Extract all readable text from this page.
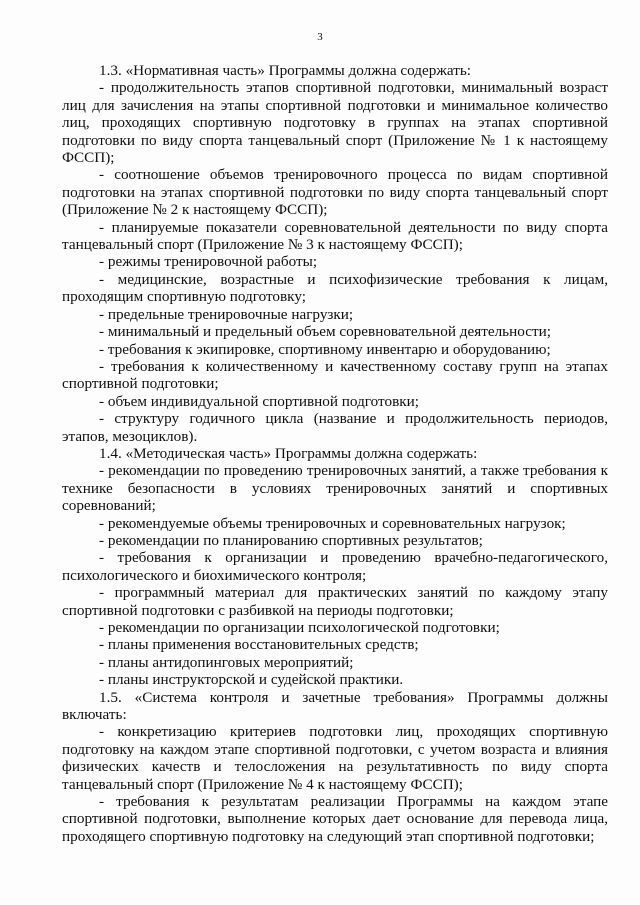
3

1.3. «Нормативная часть» Программы должна содержать:

- продолжительность этапов спортивной подготовки, минимальный возраст лиц для зачисления на этапы спортивной подготовки и минимальное количество лиц, проходящих спортивную подготовку в группах на этапах спортивной подготовки по виду спорта танцевальный спорт (Приложение № 1 к настоящему ФССП);

- соотношение объемов тренировочного процесса по видам спортивной подготовки на этапах спортивной подготовки по виду спорта танцевальный спорт (Приложение № 2 к настоящему ФССП);

- планируемые показатели соревновательной деятельности по виду спорта танцевальный спорт (Приложение № 3 к настоящему ФССП);

- режимы тренировочной работы;

- медицинские, возрастные и психофизические требования к лицам, проходящим спортивную подготовку;

- предельные тренировочные нагрузки;

- минимальный и предельный объем соревновательной деятельности;

- требования к экипировке, спортивному инвентарю и оборудованию;

- требования к количественному и качественному составу групп на этапах спортивной подготовки;

- объем индивидуальной спортивной подготовки;

- структуру годичного цикла (название и продолжительность периодов, этапов, мезоциклов).

1.4. «Методическая часть» Программы должна содержать:

- рекомендации по проведению тренировочных занятий, а также требования к технике безопасности в условиях тренировочных занятий и спортивных соревнований;

- рекомендуемые объемы тренировочных и соревновательных нагрузок;

- рекомендации по планированию спортивных результатов;

- требования к организации и проведению врачебно-педагогического, психологического и биохимического контроля;

- программный материал для практических занятий по каждому этапу спортивной подготовки с разбивкой на периоды подготовки;

- рекомендации по организации психологической подготовки;

- планы применения восстановительных средств;

- планы антидопинговых мероприятий;

- планы инструкторской и судейской практики.

1.5. «Система контроля и зачетные требования» Программы должны включать:

- конкретизацию критериев подготовки лиц, проходящих спортивную подготовку на каждом этапе спортивной подготовки, с учетом возраста и влияния физических качеств и телосложения на результативность по виду спорта танцевальный спорт (Приложение № 4 к настоящему ФССП);

- требования к результатам реализации Программы на каждом этапе спортивной подготовки, выполнение которых дает основание для перевода лица, проходящего спортивную подготовку на следующий этап спортивной подготовки;
